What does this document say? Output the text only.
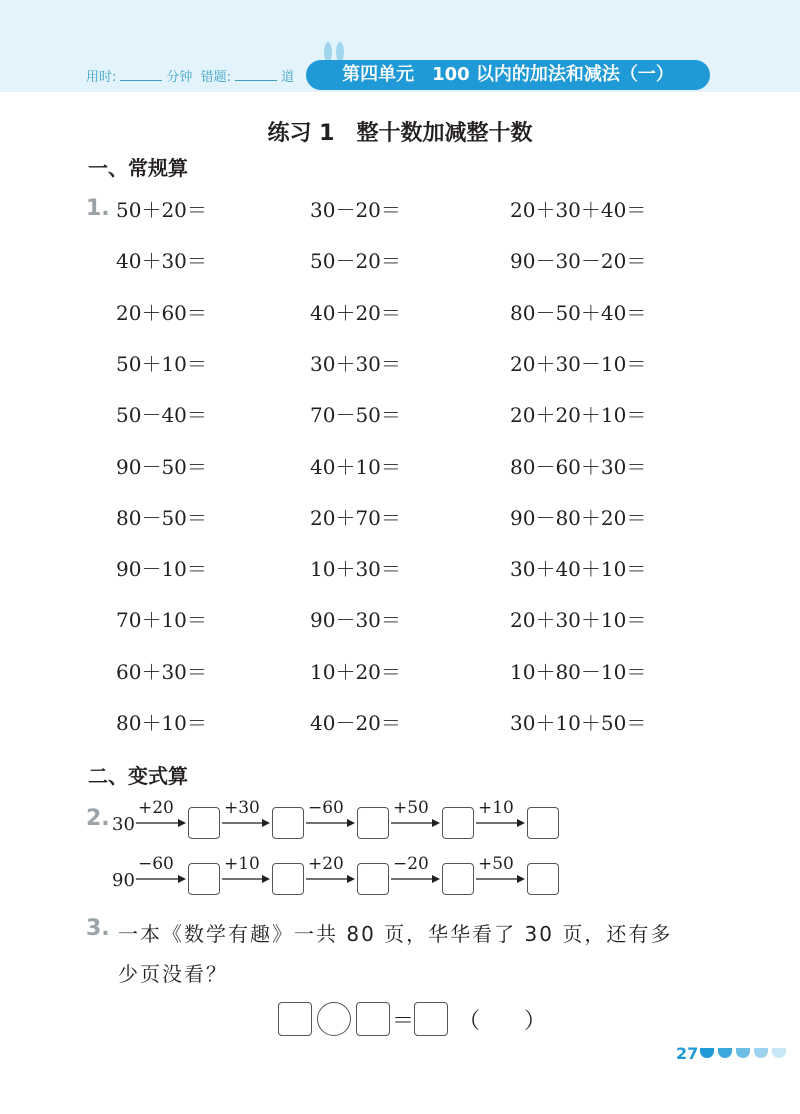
用时:	分钟 错题:	道	第四单元　100 以内的加法和减法（一）
练习 1　整十数加减整十数
一、常规算
1. 50＋20＝	30－20＝	20＋30＋40＝
40＋30＝	50－20＝	90－30－20＝
20＋60＝	40＋20＝	80－50＋40＝
50＋10＝	30＋30＝	20＋30－10＝
50－40＝	70－50＝	20＋20＋10＝
90－50＝	40＋10＝	80－60＋30＝
80－50＝	20＋70＝	90－80＋20＝
90－10＝	10＋30＝	30＋40＋10＝
70＋10＝	90－30＝	20＋30＋10＝
60＋30＝	10＋20＝	10＋80－10＝
80＋10＝	40－20＝	30＋10＋50＝
二、变式算
2. 30
+20	+30	−60	+50	+10
90
−60	+10	+20	−20	+50
3. 一本《数学有趣》一共 80 页，华华看了 30 页，还有多
少页没看？
＝ （　　）
27
